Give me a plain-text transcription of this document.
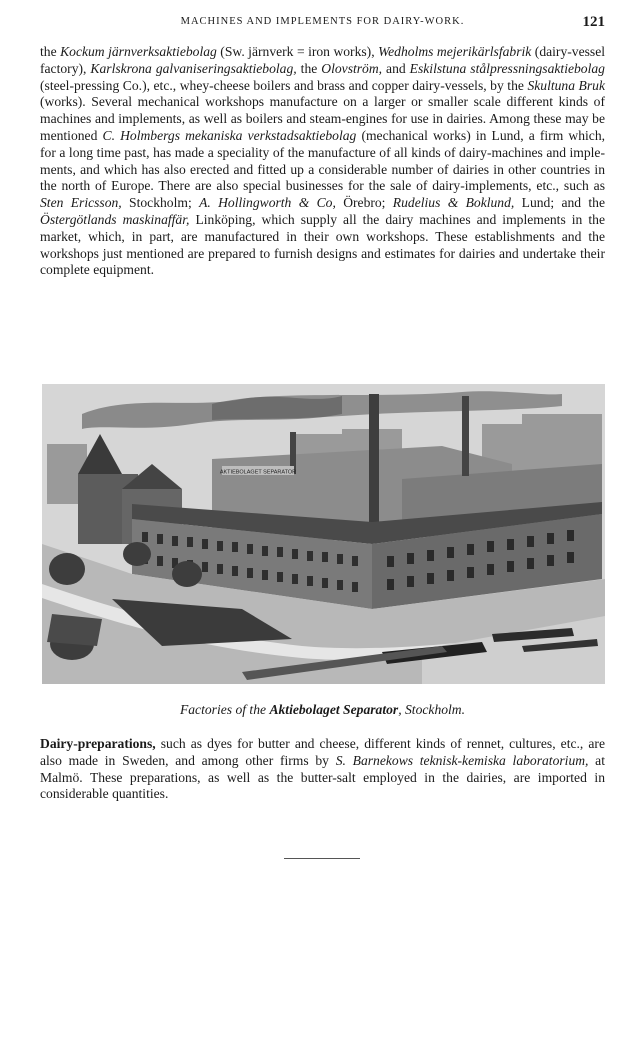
MACHINES AND IMPLEMENTS FOR DAIRY-WORK.	121

the Kockum järnverksaktiebolag (Sw. järnverk = iron works), Wedholms mejerikärlsfabrik (dairy-vessel factory), Karlskrona galvaniseringsaktiebolag, the Olovström, and Eskilstuna stålpressningsaktiebolag (steel-pressing Co.), etc., whey-cheese boilers and brass and copper dairy-vessels, by the Skultuna Bruk (works). Several mechanical workshops manufacture on a larger or smaller scale different kinds of machines and implements, as well as boilers and steam-engines for use in dairies. Among these may be mentioned C. Holmbergs mekaniska verkstadsaktiebolag (mechanical works) in Lund, a firm which, for a long time past, has made a speciality of the manufacture of all kinds of dairy-machines and implements, and which has also erected and fitted up a considerable number of dairies in other countries in the north of Europe. There are also special businesses for the sale of dairy-implements, etc., such as Sten Ericsson, Stockholm; A. Hollingworth & Co, Örebro; Rudelius & Boklund, Lund; and the Östergötlands maskinaffär, Linköping, which supply all the dairy machines and implements in the market, which, in part, are manufactured in their own workshops. These establishments and the workshops just mentioned are prepared to furnish designs and estimates for dairies and undertake their complete equipment.

AKTIEBOLAGET SEPARATOR
Factories of the Aktiebolaget Separator, Stockholm.

Dairy-preparations, such as dyes for butter and cheese, different kinds of rennet, cultures, etc., are also made in Sweden, and among other firms by S. Barnekows teknisk-kemiska laboratorium, at Malmö. These preparations, as well as the butter-salt employed in the dairies, are imported in considerable quantities.
